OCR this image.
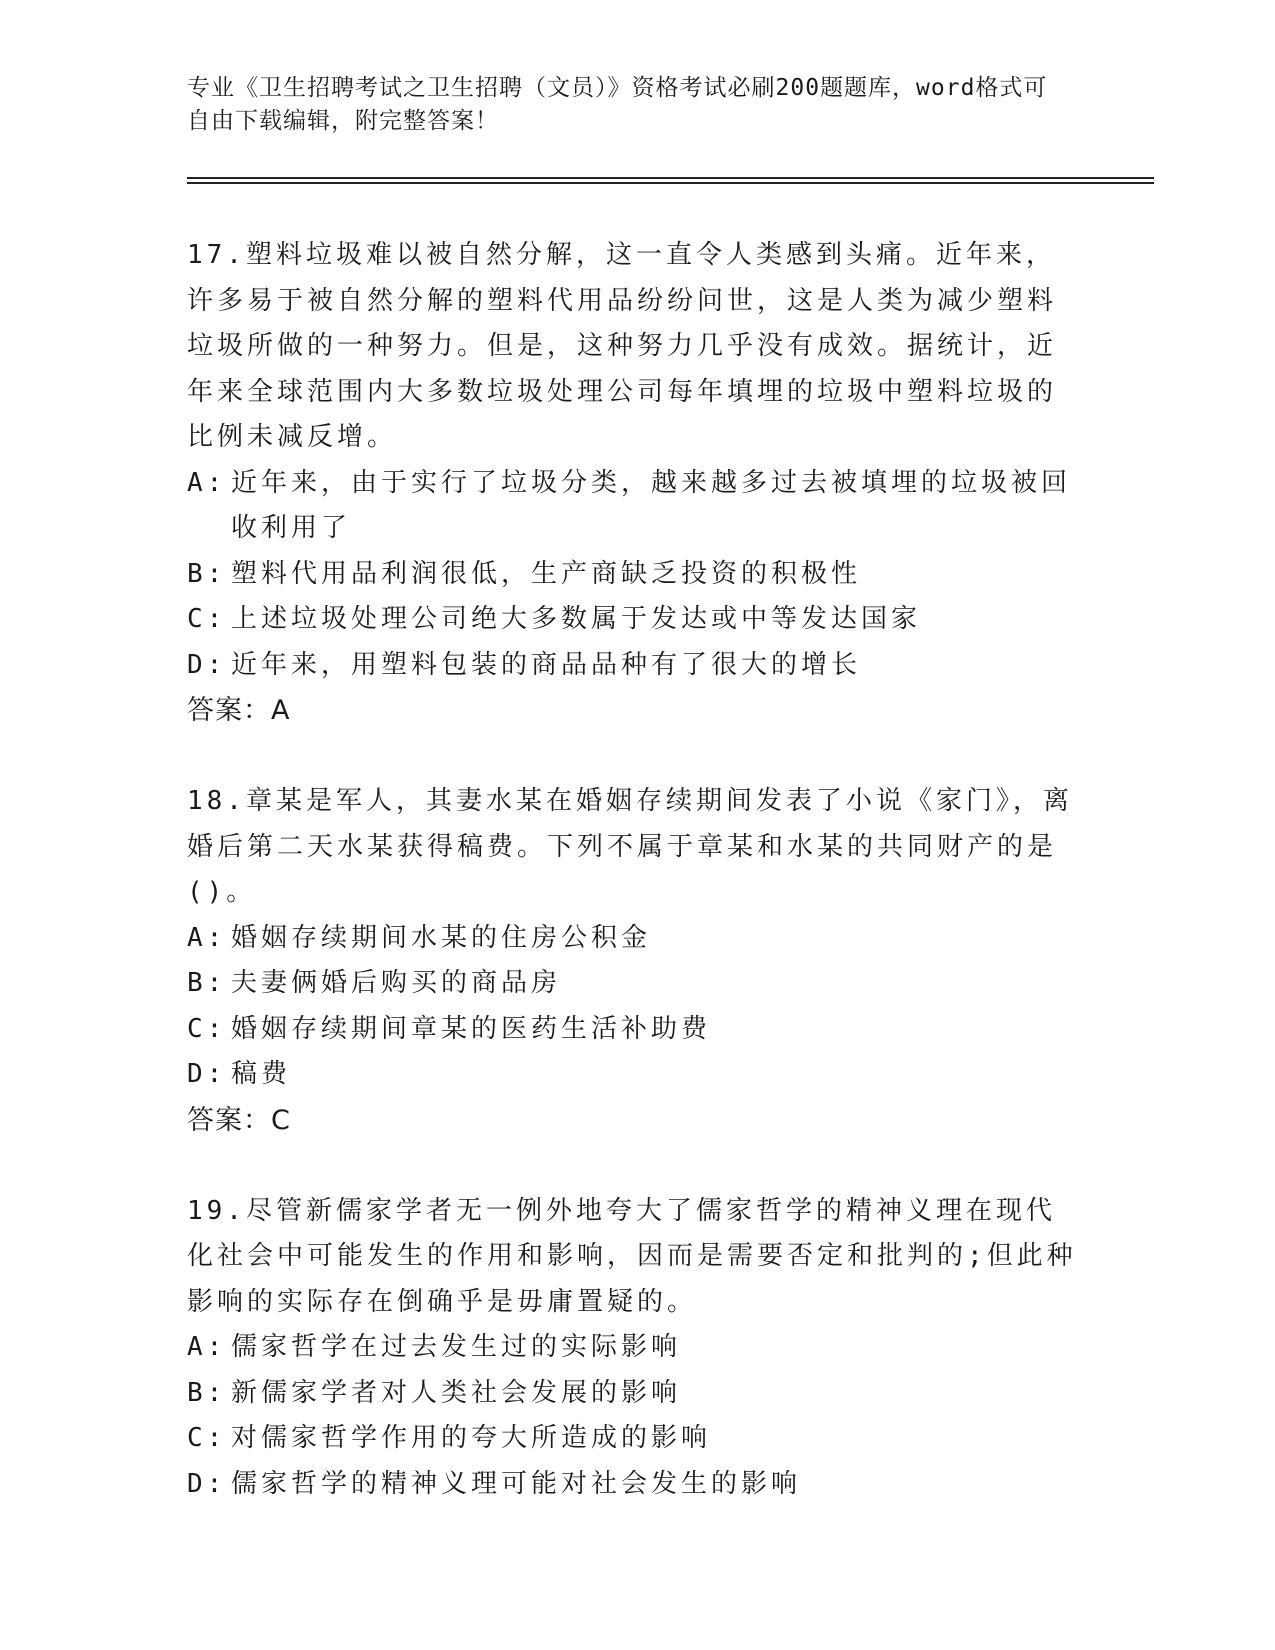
专业《卫生招聘考试之卫生招聘（文员）》资格考试必刷200题题库，word格式可自由下载编辑，附完整答案！
17.塑料垃圾难以被自然分解，这一直令人类感到头痛。近年来，许多易于被自然分解的塑料代用品纷纷问世，这是人类为减少塑料垃圾所做的一种努力。但是，这种努力几乎没有成效。据统计，近年来全球范围内大多数垃圾处理公司每年填埋的垃圾中塑料垃圾的比例未减反增。
A: 近年来，由于实行了垃圾分类，越来越多过去被填埋的垃圾被回收利用了
B: 塑料代用品利润很低，生产商缺乏投资的积极性
C: 上述垃圾处理公司绝大多数属于发达或中等发达国家
D: 近年来，用塑料包装的商品品种有了很大的增长
答案：A
18.章某是军人，其妻水某在婚姻存续期间发表了小说《家门》，离婚后第二天水某获得稿费。下列不属于章某和水某的共同财产的是()。
A: 婚姻存续期间水某的住房公积金
B: 夫妻俩婚后购买的商品房
C: 婚姻存续期间章某的医药生活补助费
D: 稿费
答案：C
19.尽管新儒家学者无一例外地夸大了儒家哲学的精神义理在现代化社会中可能发生的作用和影响，因而是需要否定和批判的;但此种影响的实际存在倒确乎是毋庸置疑的。
A: 儒家哲学在过去发生过的实际影响
B: 新儒家学者对人类社会发展的影响
C: 对儒家哲学作用的夸大所造成的影响
D: 儒家哲学的精神义理可能对社会发生的影响
